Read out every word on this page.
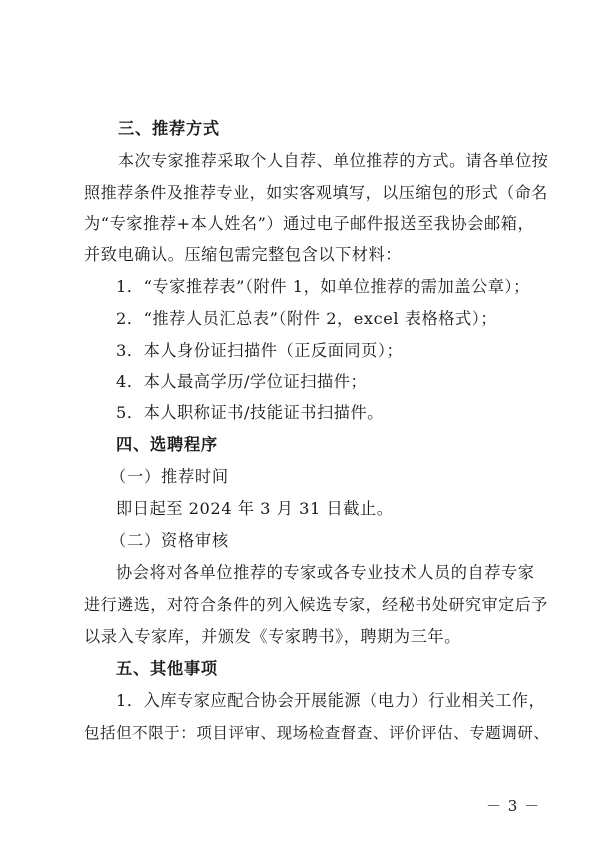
三、推荐方式
本次专家推荐采取个人自荐、单位推荐的方式。请各单位按
照推荐条件及推荐专业，如实客观填写，以压缩包的形式（命名
为“专家推荐+本人姓名”）通过电子邮件报送至我协会邮箱，
并致电确认。压缩包需完整包含以下材料：
1．“专家推荐表”（附件 1，如单位推荐的需加盖公章）；
2．“推荐人员汇总表”（附件 2，excel 表格格式）；
3．本人身份证扫描件（正反面同页）；
4．本人最高学历/学位证扫描件；
5．本人职称证书/技能证书扫描件。
四、选聘程序
（一）推荐时间
即日起至 2024 年 3 月 31 日截止。
（二）资格审核
协会将对各单位推荐的专家或各专业技术人员的自荐专家
进行遴选，对符合条件的列入候选专家，经秘书处研究审定后予
以录入专家库，并颁发《专家聘书》，聘期为三年。
五、其他事项
1．入库专家应配合协会开展能源（电力）行业相关工作，
包括但不限于：项目评审、现场检查督查、评价评估、专题调研、
－ 3 －
